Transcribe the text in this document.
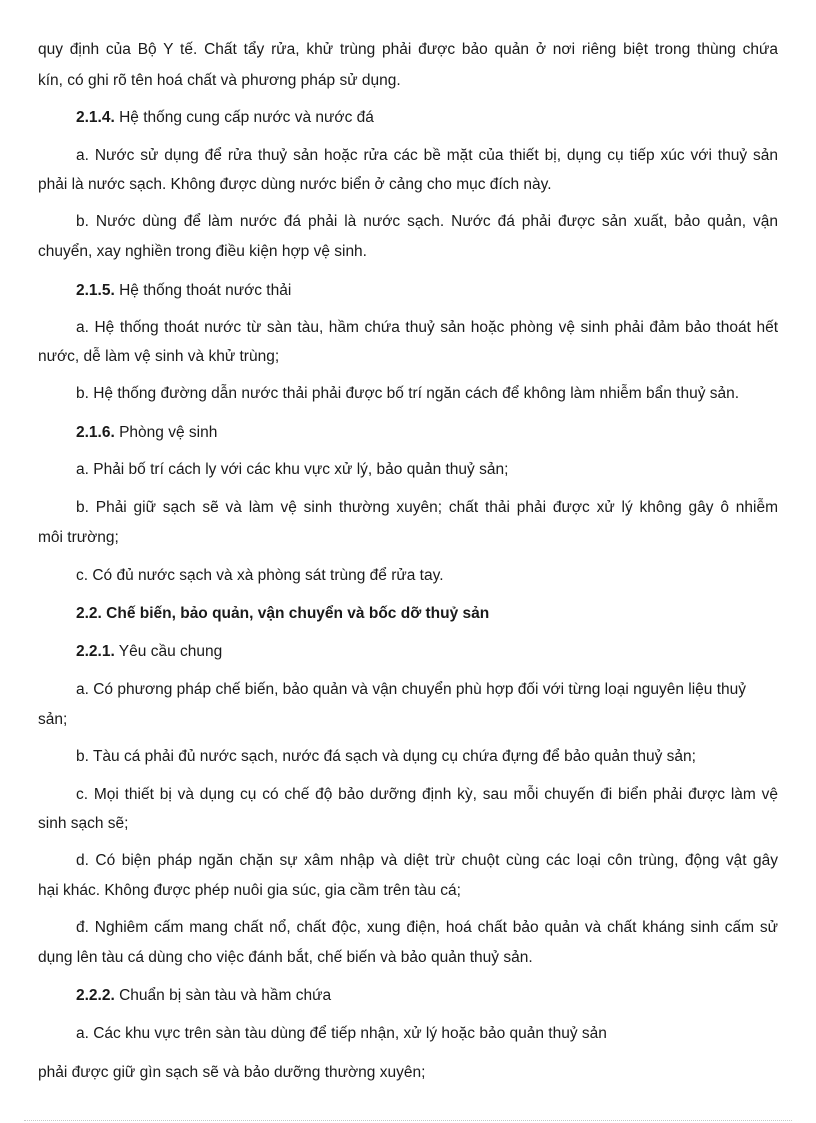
quy định của Bộ Y tế. Chất tẩy rửa, khử trùng phải được bảo quản ở nơi riêng biệt trong thùng chứa
kín, có ghi rõ tên hoá chất và phương pháp sử dụng.
2.1.4. Hệ thống cung cấp nước và nước đá
a. Nước sử dụng để rửa thuỷ sản hoặc rửa các bề mặt của thiết bị, dụng cụ tiếp xúc với thuỷ sản
phải là nước sạch. Không được dùng nước biển ở cảng cho mục đích này.
b. Nước dùng để làm nước đá phải là nước sạch. Nước đá phải được sản xuất, bảo quản, vận
chuyển, xay nghiền trong điều kiện hợp vệ sinh.
2.1.5. Hệ thống thoát nước thải
a. Hệ thống thoát nước từ sàn tàu, hầm chứa thuỷ sản hoặc phòng vệ sinh phải đảm bảo thoát hết
nước, dễ làm vệ sinh và khử trùng;
b. Hệ thống đường dẫn nước thải phải được bố trí ngăn cách để không làm nhiễm bẩn thuỷ sản.
2.1.6. Phòng vệ sinh
a. Phải bố trí cách ly với các khu vực xử lý, bảo quản thuỷ sản;
b. Phải giữ sạch sẽ và làm vệ sinh thường xuyên; chất thải phải được xử lý không gây ô nhiễm
môi trường;
c. Có đủ nước sạch và xà phòng sát trùng để rửa tay.
2.2. Chế biến, bảo quản, vận chuyển và bốc dỡ thuỷ sản
2.2.1. Yêu cầu chung
a. Có phương pháp chế biến, bảo quản và vận chuyển phù hợp đối với từng loại nguyên liệu thuỷ
sản;
b. Tàu cá phải đủ nước sạch, nước đá sạch và dụng cụ chứa đựng để bảo quản thuỷ sản;
c. Mọi thiết bị và dụng cụ có chế độ bảo dưỡng định kỳ, sau mỗi chuyến đi biển phải được làm vệ
sinh sạch sẽ;
d. Có biện pháp ngăn chặn sự xâm nhập và diệt trừ chuột cùng các loại côn trùng, động vật gây
hại khác. Không được phép nuôi gia súc, gia cầm trên tàu cá;
đ. Nghiêm cấm mang chất nổ, chất độc, xung điện, hoá chất bảo quản và chất kháng sinh cấm sử
dụng lên tàu cá dùng cho việc đánh bắt, chế biến và bảo quản thuỷ sản.
2.2.2. Chuẩn bị sàn tàu và hầm chứa
a. Các khu vực trên sàn tàu dùng để tiếp nhận, xử lý hoặc bảo quản thuỷ sản
phải được giữ gìn sạch sẽ và bảo dưỡng thường xuyên;
